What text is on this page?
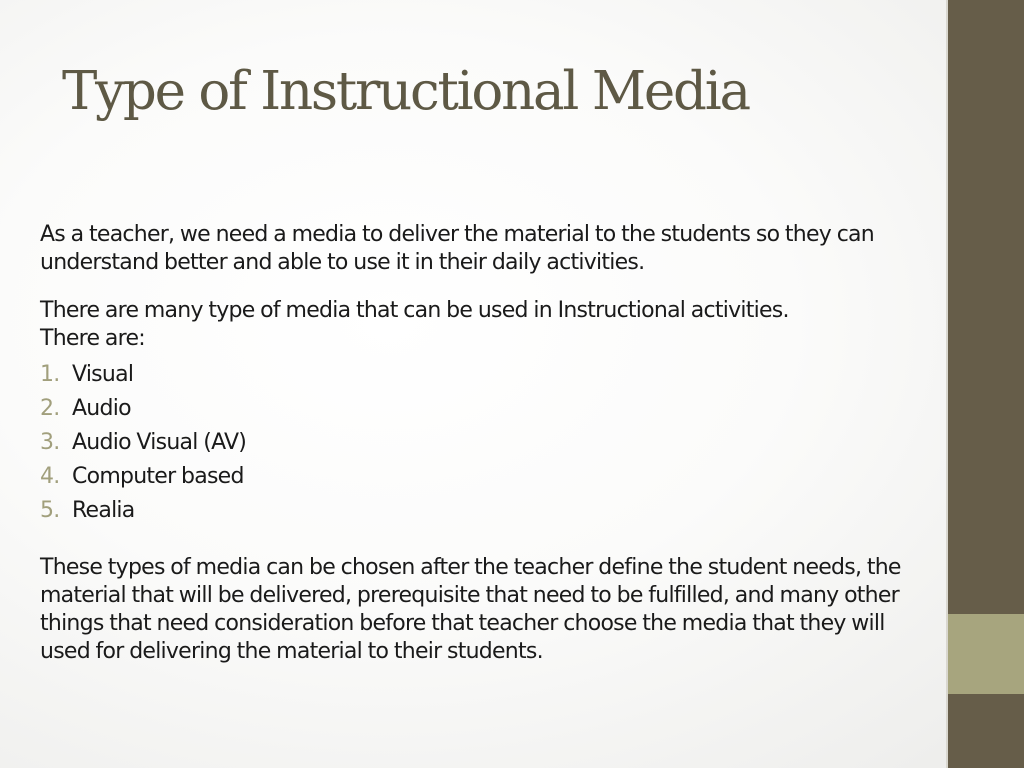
Type of Instructional Media

As a teacher, we need a media to deliver the material to the students so they can understand better and able to use it in their daily activities.

There are many type of media that can be used in Instructional activities.

There are:

1. Visual
2. Audio
3. Audio Visual (AV)
4. Computer based
5. Realia

These types of media can be chosen after the teacher define the student needs, the material that will be delivered, prerequisite that need to be fulfilled, and many other things that need consideration before that teacher choose the media that they will used for delivering the material to their students.
